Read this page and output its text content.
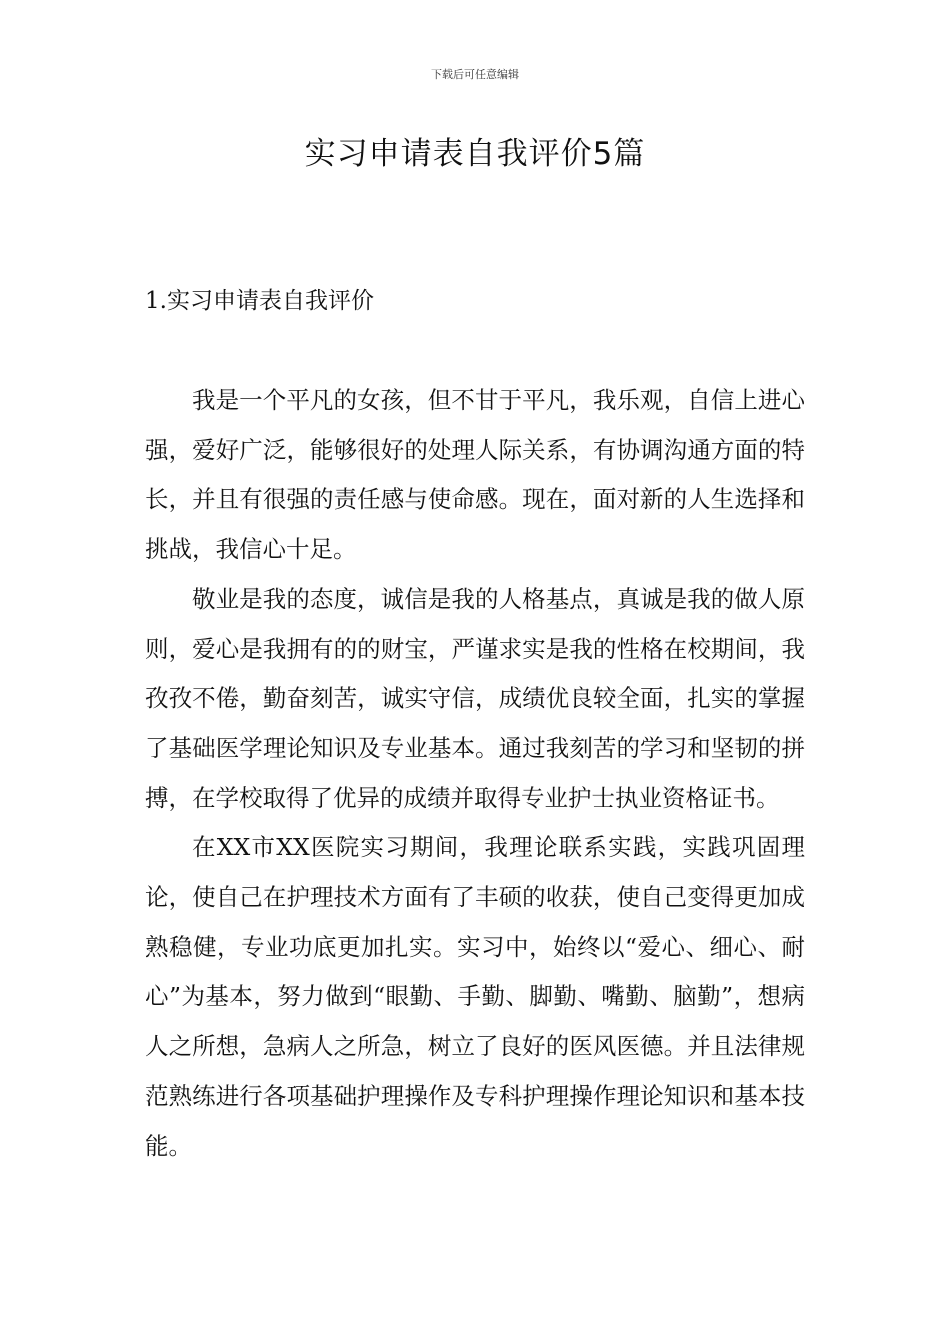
下载后可任意编辑
实习申请表自我评价5篇
1.实习申请表自我评价

我是一个平凡的女孩，但不甘于平凡，我乐观，自信上进心强，爱好广泛，能够很好的处理人际关系，有协调沟通方面的特长，并且有很强的责任感与使命感。现在，面对新的人生选择和挑战，我信心十足。

敬业是我的态度，诚信是我的人格基点，真诚是我的做人原则，爱心是我拥有的的财宝，严谨求实是我的性格在校期间，我孜孜不倦，勤奋刻苦，诚实守信，成绩优良较全面，扎实的掌握了基础医学理论知识及专业基本。通过我刻苦的学习和坚韧的拼搏，在学校取得了优异的成绩并取得专业护士执业资格证书。

在XX市XX医院实习期间，我理论联系实践，实践巩固理论，使自己在护理技术方面有了丰硕的收获，使自己变得更加成熟稳健，专业功底更加扎实。实习中，始终以“爱心、细心、耐心”为基本，努力做到“眼勤、手勤、脚勤、嘴勤、脑勤”，想病人之所想，急病人之所急，树立了良好的医风医德。并且法律规范熟练进行各项基础护理操作及专科护理操作理论知识和基本技能。
